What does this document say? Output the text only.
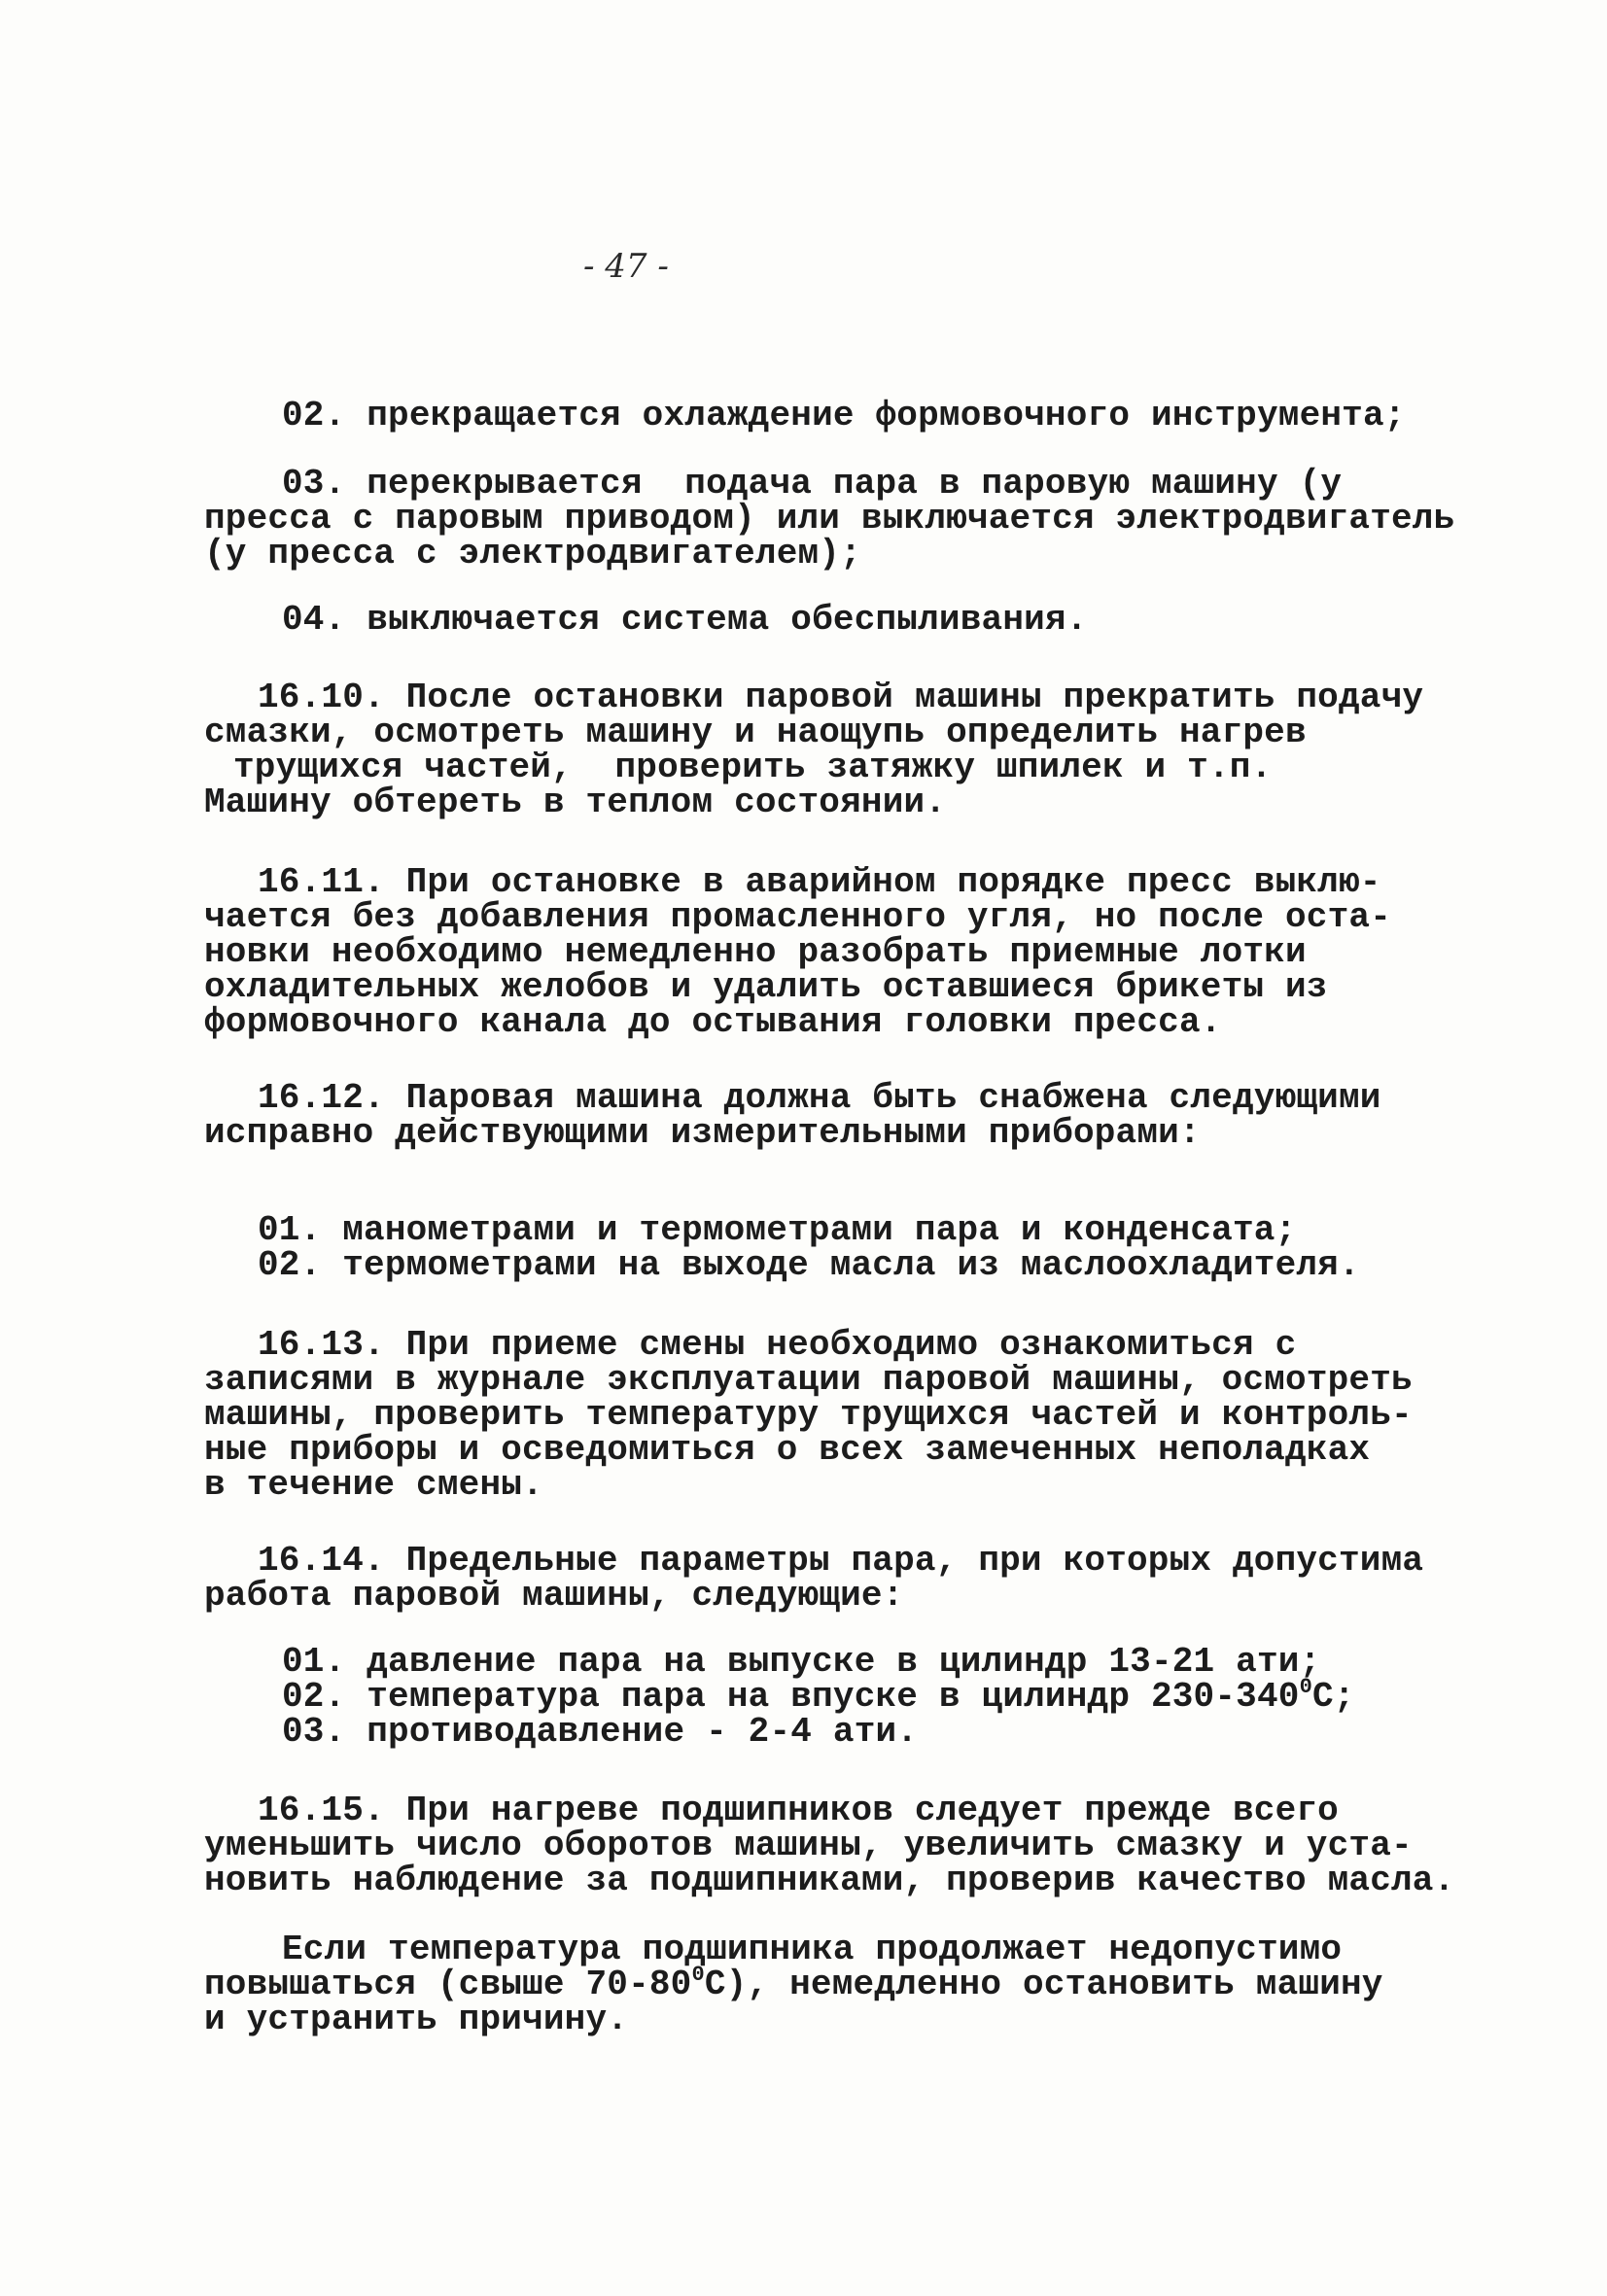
- 47 -
02. прекращается охлаждение формовочного инструмента;
03. перекрывается  подача пара в паровую машину (у
пресса с паровым приводом) или выключается электродвигатель
(у пресса с электродвигателем);
04. выключается система обеспыливания.
16.10. После остановки паровой машины прекратить подачу
смазки, осмотреть машину и наощупь определить нагрев
трущихся частей,  проверить затяжку шпилек и т.п.
Машину обтереть в теплом состоянии.
16.11. При остановке в аварийном порядке пресс выклю-
чается без добавления промасленного угля, но после оста-
новки необходимо немедленно разобрать приемные лотки
охладительных желобов и удалить оставшиеся брикеты из
формовочного канала до остывания головки пресса.
16.12. Паровая машина должна быть снабжена следующими
исправно действующими измерительными приборами:
01. манометрами и термометрами пара и конденсата;
02. термометрами на выходе масла из маслоохладителя.
16.13. При приеме смены необходимо ознакомиться с
записями в журнале эксплуатации паровой машины, осмотреть
машины, проверить температуру трущихся частей и контроль-
ные приборы и осведомиться о всех замеченных неполадках
в течение смены.
16.14. Предельные параметры пара, при которых допустима
работа паровой машины, следующие:
01. давление пара на выпуске в цилиндр 13-21 ати;
02. температура пара на впуске в цилиндр $230-340^0С$;
03. противодавление - 2-4 ати.
16.15. При нагреве подшипников следует прежде всего
уменьшить число оборотов машины, увеличить смазку и уста-
новить наблюдение за подшипниками, проверив качество масла.
Если температура подшипника продолжает недопустимо
повышаться (свыше $70-80^0С$), немедленно остановить машину
и устранить причину.
